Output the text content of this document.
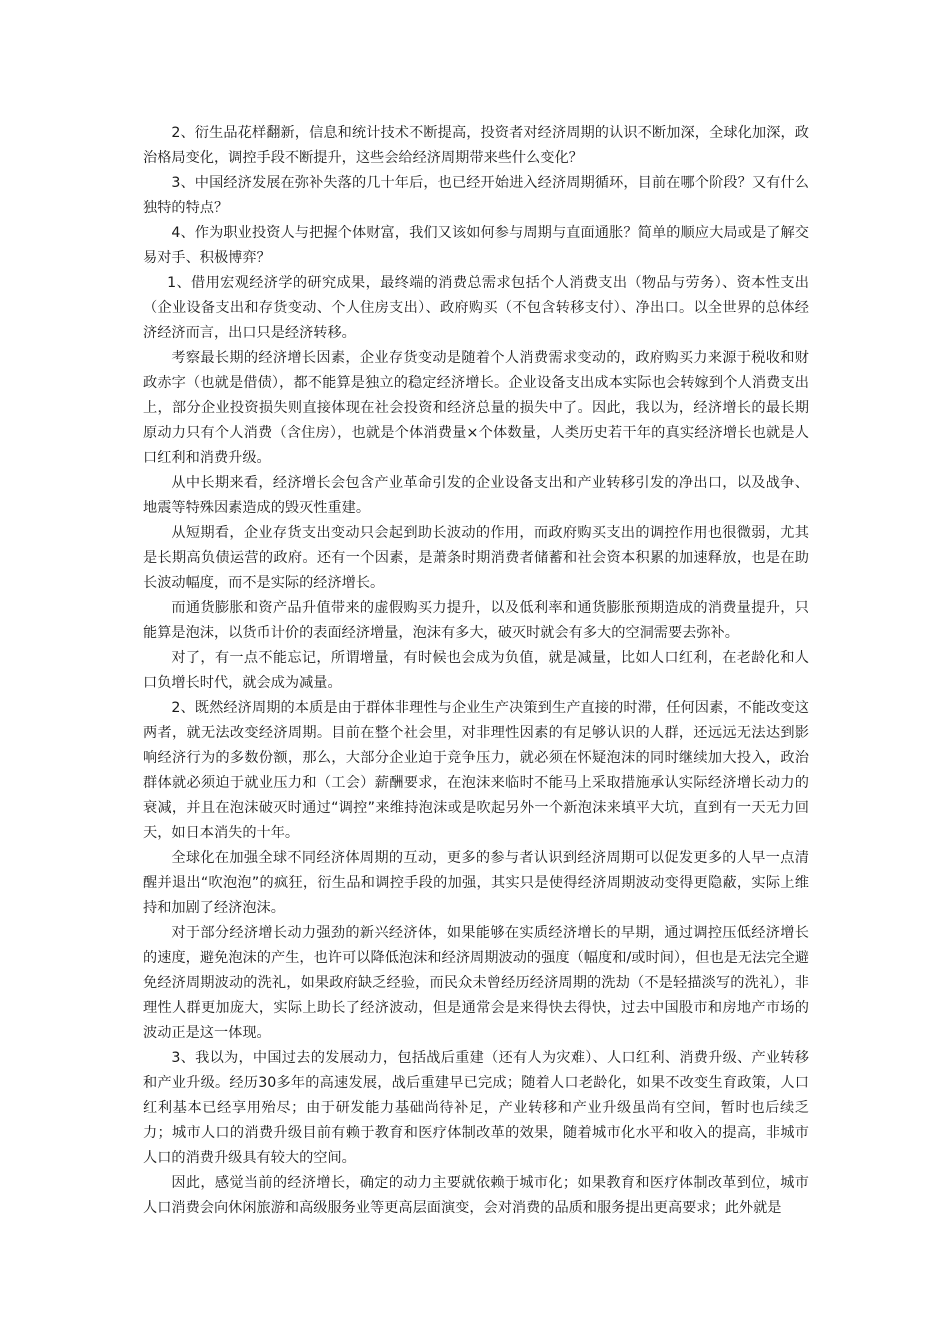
2、衍生品花样翻新，信息和统计技术不断提高，投资者对经济周期的认识不断加深，全球化加深，政治格局变化，调控手段不断提升，这些会给经济周期带来些什么变化？

3、中国经济发展在弥补失落的几十年后，也已经开始进入经济周期循环，目前在哪个阶段？又有什么独特的特点？

4、作为职业投资人与把握个体财富，我们又该如何参与周期与直面通胀？简单的顺应大局或是了解交易对手、积极博弈？

1、借用宏观经济学的研究成果，最终端的消费总需求包括个人消费支出（物品与劳务）、资本性支出（企业设备支出和存货变动、个人住房支出）、政府购买（不包含转移支付）、净出口。以全世界的总体经济经济而言，出口只是经济转移。

考察最长期的经济增长因素，企业存货变动是随着个人消费需求变动的，政府购买力来源于税收和财政赤字（也就是借债），都不能算是独立的稳定经济增长。企业设备支出成本实际也会转嫁到个人消费支出上，部分企业投资损失则直接体现在社会投资和经济总量的损失中了。因此，我以为，经济增长的最长期原动力只有个人消费（含住房），也就是个体消费量×个体数量，人类历史若干年的真实经济增长也就是人口红利和消费升级。

从中长期来看，经济增长会包含产业革命引发的企业设备支出和产业转移引发的净出口，以及战争、地震等特殊因素造成的毁灭性重建。

从短期看，企业存货支出变动只会起到助长波动的作用，而政府购买支出的调控作用也很微弱，尤其是长期高负债运营的政府。还有一个因素，是萧条时期消费者储蓄和社会资本积累的加速释放，也是在助长波动幅度，而不是实际的经济增长。

而通货膨胀和资产品升值带来的虚假购买力提升，以及低利率和通货膨胀预期造成的消费量提升，只能算是泡沫，以货币计价的表面经济增量，泡沫有多大，破灭时就会有多大的空洞需要去弥补。

对了，有一点不能忘记，所谓增量，有时候也会成为负值，就是减量，比如人口红利，在老龄化和人口负增长时代，就会成为减量。

2、既然经济周期的本质是由于群体非理性与企业生产决策到生产直接的时滞，任何因素，不能改变这两者，就无法改变经济周期。目前在整个社会里，对非理性因素的有足够认识的人群，还远远无法达到影响经济行为的多数份额，那么，大部分企业迫于竞争压力，就必须在怀疑泡沫的同时继续加大投入，政治群体就必须迫于就业压力和（工会）薪酬要求，在泡沫来临时不能马上采取措施承认实际经济增长动力的衰减，并且在泡沫破灭时通过“调控”来维持泡沫或是吹起另外一个新泡沫来填平大坑，直到有一天无力回天，如日本消失的十年。

全球化在加强全球不同经济体周期的互动，更多的参与者认识到经济周期可以促发更多的人早一点清醒并退出“吹泡泡”的疯狂，衍生品和调控手段的加强，其实只是使得经济周期波动变得更隐蔽，实际上维持和加剧了经济泡沫。

对于部分经济增长动力强劲的新兴经济体，如果能够在实质经济增长的早期，通过调控压低经济增长的速度，避免泡沫的产生，也许可以降低泡沫和经济周期波动的强度（幅度和/或时间），但也是无法完全避免经济周期波动的洗礼，如果政府缺乏经验，而民众未曾经历经济周期的洗劫（不是轻描淡写的洗礼），非理性人群更加庞大，实际上助长了经济波动，但是通常会是来得快去得快，过去中国股市和房地产市场的波动正是这一体现。

3、我以为，中国过去的发展动力，包括战后重建（还有人为灾难）、人口红利、消费升级、产业转移和产业升级。经历30多年的高速发展，战后重建早已完成；随着人口老龄化，如果不改变生育政策，人口红利基本已经享用殆尽；由于研发能力基础尚待补足，产业转移和产业升级虽尚有空间，暂时也后续乏力；城市人口的消费升级目前有赖于教育和医疗体制改革的效果，随着城市化水平和收入的提高，非城市人口的消费升级具有较大的空间。

因此，感觉当前的经济增长，确定的动力主要就依赖于城市化；如果教育和医疗体制改革到位，城市人口消费会向休闲旅游和高级服务业等更高层面演变，会对消费的品质和服务提出更高要求；此外就是
